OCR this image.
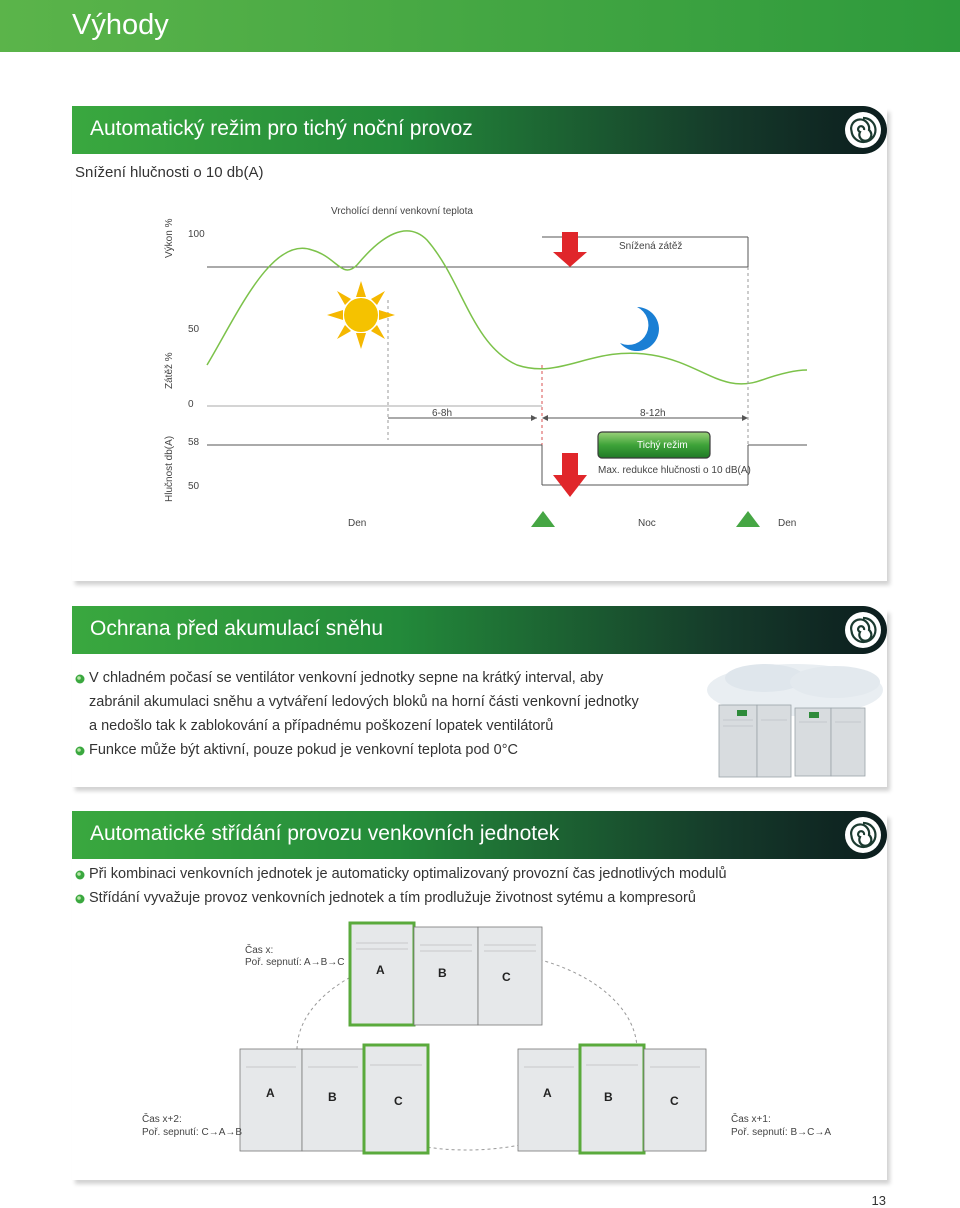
Výhody
Automatický režim pro tichý noční provoz
Snížení hlučnosti o 10 db(A)
Vrcholící denní venkovní teplota
Snížená zátěž
Výkon %
Zátěž %
Hlučnost db(A)
100
50
0
58
50
6-8h	8-12h
Tichý režim
Max. redukce hlučnosti o 10 dB(A)
Den	Noc	Den
Ochrana před akumulací sněhu
V chladném počasí se ventilátor venkovní jednotky sepne na krátký interval, aby
zabránil akumulaci sněhu a vytváření ledových bloků na horní části venkovní jednotky
a nedošlo tak k zablokování a případnému poškození lopatek ventilátorů
Funkce může být aktivní, pouze pokud je venkovní teplota pod 0°C
Automatické střídání provozu venkovních jednotek
Při kombinaci venkovních jednotek je automaticky optimalizovaný provozní čas jednotlivých modulů
Střídání vyvažuje provoz venkovních jednotek a tím prodlužuje životnost sytému a kompresorů
A	B	C
A	B	C
A	B	C
Čas x:
Poř. sepnutí: A→B→C
Čas x+2:
Poř. sepnutí: C→A→B
Čas x+1:
Poř. sepnutí: B→C→A
13
